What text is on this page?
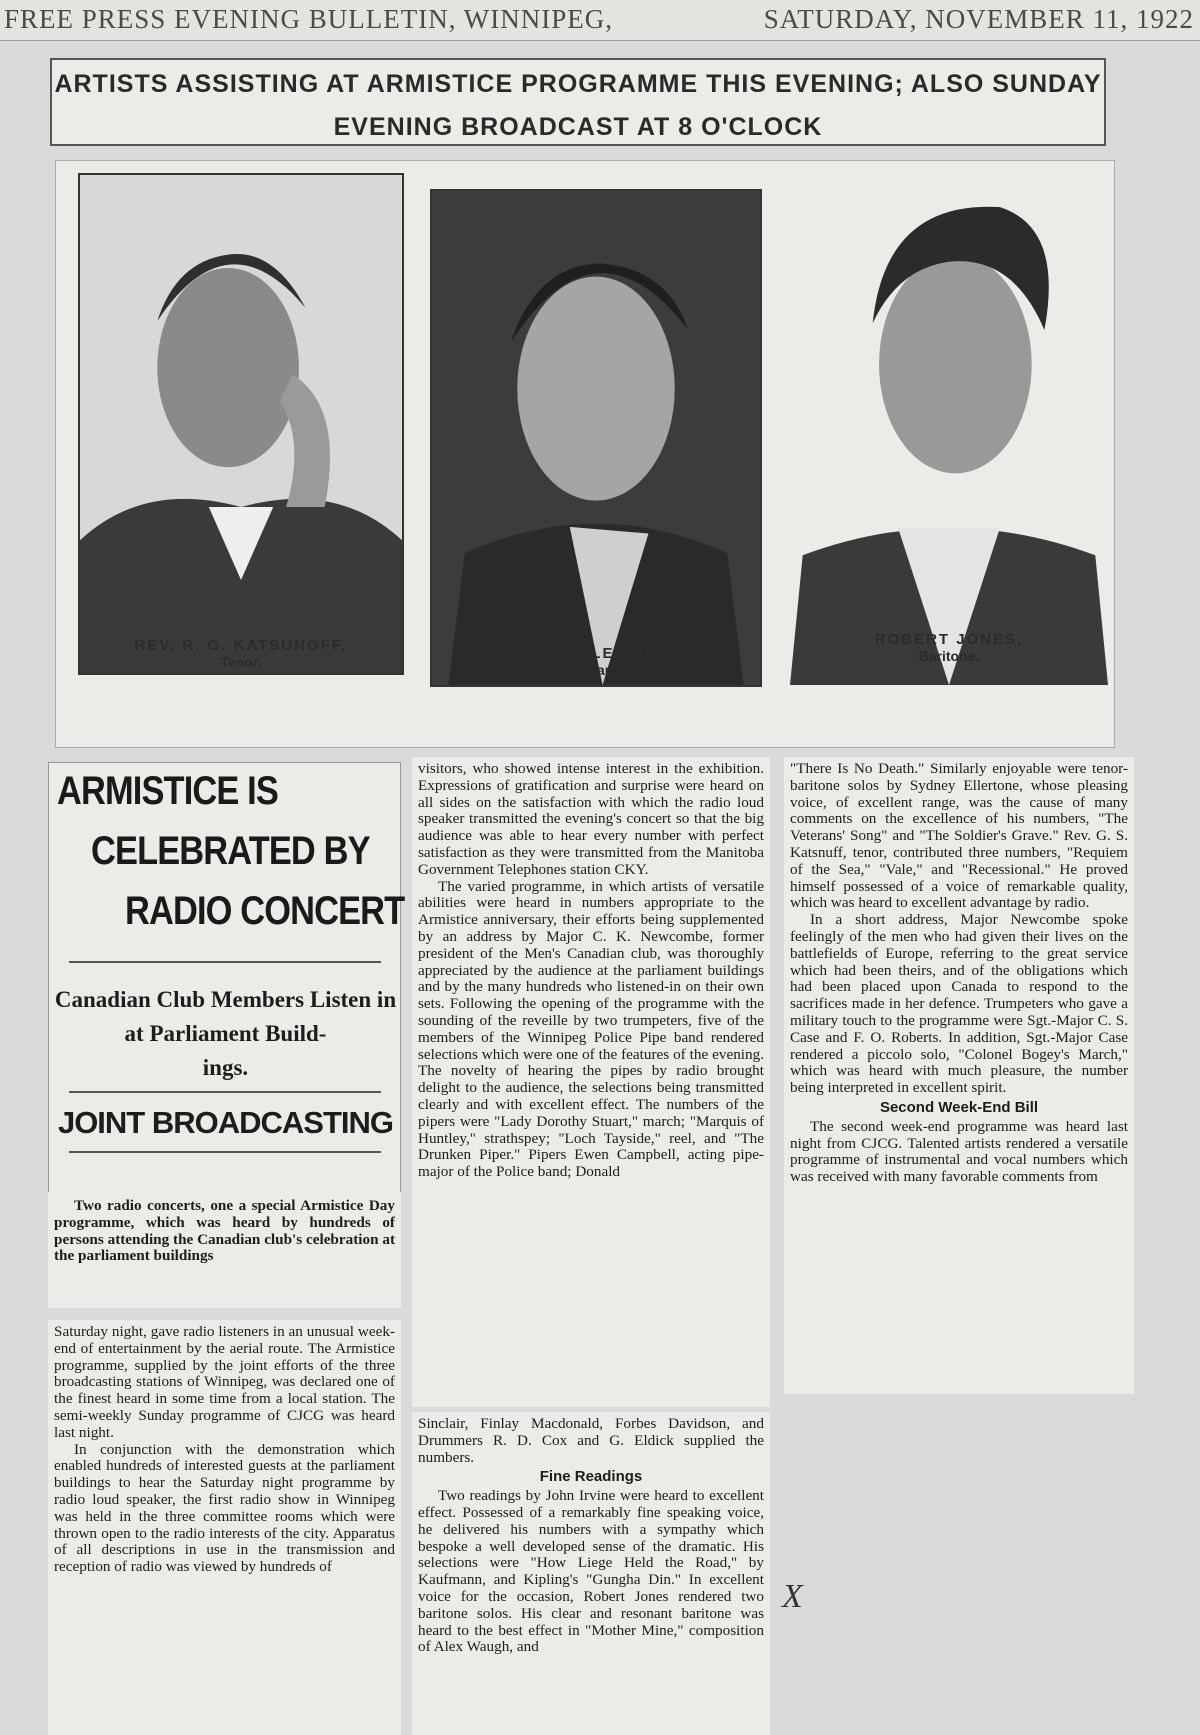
FREE PRESS EVENING BULLETIN, WINNIPEG,	SATURDAY, NOVEMBER 11, 1922
ARTISTS ASSISTING AT ARMISTICE PROGRAMME THIS EVENING; ALSO SUNDAY
EVENING BROADCAST AT 8 O'CLOCK
REV. R. G. KATSUNOFF,
Tenor.	S. J. ELLERTON,
Tenor-Baritone.
ROBERT JONES,
Baritone.
ARMISTICE IS
CELEBRATED BY
RADIO CONCERT
Canadian Club Members Listen in
at Parliament Build-
ings.
JOINT BROADCASTING

Two radio concerts, one a special Armistice Day programme, which was heard by hundreds of persons attending the Canadian club's celebration at the parliament buildings

Saturday night, gave radio listeners in an unusual week-end of entertainment by the aerial route. The Armistice programme, supplied by the joint efforts of the three broadcasting stations of Winnipeg, was declared one of the finest heard in some time from a local station. The semi-weekly Sunday programme of CJCG was heard last night.

In conjunction with the demonstration which enabled hundreds of interested guests at the parliament buildings to hear the Saturday night programme by radio loud speaker, the first radio show in Winnipeg was held in the three committee rooms which were thrown open to the radio interests of the city. Apparatus of all descriptions in use in the transmission and reception of radio was viewed by hundreds of

visitors, who showed intense interest in the exhibition. Expressions of gratification and surprise were heard on all sides on the satisfaction with which the radio loud speaker transmitted the evening's concert so that the big audience was able to hear every number with perfect satisfaction as they were transmitted from the Manitoba Government Telephones station CKY.

The varied programme, in which artists of versatile abilities were heard in numbers appropriate to the Armistice anniversary, their efforts being supplemented by an address by Major C. K. Newcombe, former president of the Men's Canadian club, was thoroughly appreciated by the audience at the parliament buildings and by the many hundreds who listened-in on their own sets. Following the opening of the programme with the sounding of the reveille by two trumpeters, five of the members of the Winnipeg Police Pipe band rendered selections which were one of the features of the evening. The novelty of hearing the pipes by radio brought delight to the audience, the selections being transmitted clearly and with excellent effect. The numbers of the pipers were "Lady Dorothy Stuart," march; "Marquis of Huntley," strathspey; "Loch Tayside," reel, and "The Drunken Piper." Pipers Ewen Campbell, acting pipe-major of the Police band; Donald

Sinclair, Finlay Macdonald, Forbes Davidson, and Drummers R. D. Cox and G. Eldick supplied the numbers.

Fine Readings

Two readings by John Irvine were heard to excellent effect. Possessed of a remarkably fine speaking voice, he delivered his numbers with a sympathy which bespoke a well developed sense of the dramatic. His selections were "How Liege Held the Road," by Kaufmann, and Kipling's "Gungha Din." In excellent voice for the occasion, Robert Jones rendered two baritone solos. His clear and resonant baritone was heard to the best effect in "Mother Mine," composition of Alex Waugh, and

"There Is No Death." Similarly enjoyable were tenor-baritone solos by Sydney Ellertone, whose pleasing voice, of excellent range, was the cause of many comments on the excellence of his numbers, "The Veterans' Song" and "The Soldier's Grave." Rev. G. S. Katsnuff, tenor, contributed three numbers, "Requiem of the Sea," "Vale," and "Recessional." He proved himself possessed of a voice of remarkable quality, which was heard to excellent advantage by radio.

In a short address, Major Newcombe spoke feelingly of the men who had given their lives on the battlefields of Europe, referring to the great service which had been theirs, and of the obligations which had been placed upon Canada to respond to the sacrifices made in her defence. Trumpeters who gave a military touch to the programme were Sgt.-Major C. S. Case and F. O. Roberts. In addition, Sgt.-Major Case rendered a piccolo solo, "Colonel Bogey's March," which was heard with much pleasure, the number being interpreted in excellent spirit.

Second Week-End Bill

The second week-end programme was heard last night from CJCG. Talented artists rendered a versatile programme of instrumental and vocal numbers which was received with many favorable comments from

X
